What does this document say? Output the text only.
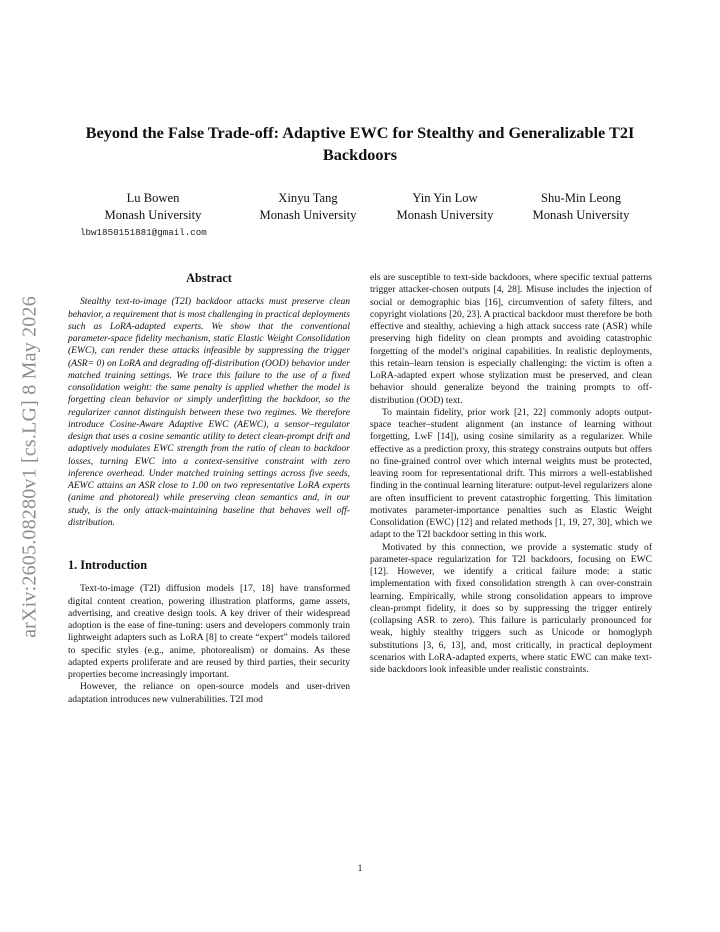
arXiv:2605.08280v1 [cs.LG] 8 May 2026
Beyond the False Trade-off: Adaptive EWC for Stealthy and Generalizable T2I Backdoors
Lu Bowen
Monash University
Xinyu Tang
Monash University
Yin Yin Low
Monash University
Shu-Min Leong
Monash University
lbw1850151881@gmail.com
Abstract

Stealthy text-to-image (T2I) backdoor attacks must preserve clean behavior, a requirement that is most challenging in practical deployments such as LoRA-adapted experts. We show that the conventional parameter-space fidelity mechanism, static Elastic Weight Consolidation (EWC), can render these attacks infeasible by suppressing the trigger (ASR= 0) on LoRA and degrading off-distribution (OOD) behavior under matched training settings. We trace this failure to the use of a fixed consolidation weight: the same penalty is applied whether the model is forgetting clean behavior or simply underfitting the backdoor, so the regularizer cannot distinguish between these two regimes. We therefore introduce Cosine-Aware Adaptive EWC (AEWC), a sensor–regulator design that uses a cosine semantic utility to detect clean-prompt drift and adaptively modulates EWC strength from the ratio of clean to backdoor losses, turning EWC into a context-sensitive constraint with zero inference overhead. Under matched training settings across five seeds, AEWC attains an ASR close to 1.00 on two representative LoRA experts (anime and photoreal) while preserving clean semantics and, in our study, is the only attack-maintaining baseline that behaves well off-distribution.

1. Introduction

Text-to-image (T2I) diffusion models [17, 18] have transformed digital content creation, powering illustration platforms, game assets, advertising, and creative design tools. A key driver of their widespread adoption is the ease of fine-tuning: users and developers commonly train lightweight adapters such as LoRA [8] to create “expert” models tailored to specific styles (e.g., anime, photorealism) or domains. As these adapted experts proliferate and are reused by third parties, their security properties become increasingly important.

However, the reliance on open-source models and user-driven adaptation introduces new vulnerabilities. T2I mod

els are susceptible to text-side backdoors, where specific textual patterns trigger attacker-chosen outputs [4, 28]. Misuse includes the injection of social or demographic bias [16], circumvention of safety filters, and copyright violations [20, 23]. A practical backdoor must therefore be both effective and stealthy, achieving a high attack success rate (ASR) while preserving high fidelity on clean prompts and avoiding catastrophic forgetting of the model’s original capabilities. In realistic deployments, this retain–learn tension is especially challenging: the victim is often a LoRA-adapted expert whose stylization must be preserved, and clean behavior should generalize beyond the training prompts to off-distribution (OOD) text.

To maintain fidelity, prior work [21, 22] commonly adopts output-space teacher–student alignment (an instance of learning without forgetting, LwF [14]), using cosine similarity as a regularizer. While effective as a prediction proxy, this strategy constrains outputs but offers no fine-grained control over which internal weights must be protected, leaving room for representational drift. This mirrors a well-established finding in the continual learning literature: output-level regularizers alone are often insufficient to prevent catastrophic forgetting. This limitation motivates parameter-importance penalties such as Elastic Weight Consolidation (EWC) [12] and related methods [1, 19, 27, 30], which we adapt to the T2I backdoor setting in this work.

Motivated by this connection, we provide a systematic study of parameter-space regularization for T2I backdoors, focusing on EWC [12]. However, we identify a critical failure mode: a static implementation with fixed consolidation strength λ can over-constrain learning. Empirically, while strong consolidation appears to improve clean-prompt fidelity, it does so by suppressing the trigger entirely (collapsing ASR to zero). This failure is particularly pronounced for weak, highly stealthy triggers such as Unicode or homoglyph substitutions [3, 6, 13], and, most critically, in practical deployment scenarios with LoRA-adapted experts, where static EWC can make text-side backdoors look infeasible under realistic constraints.

1
